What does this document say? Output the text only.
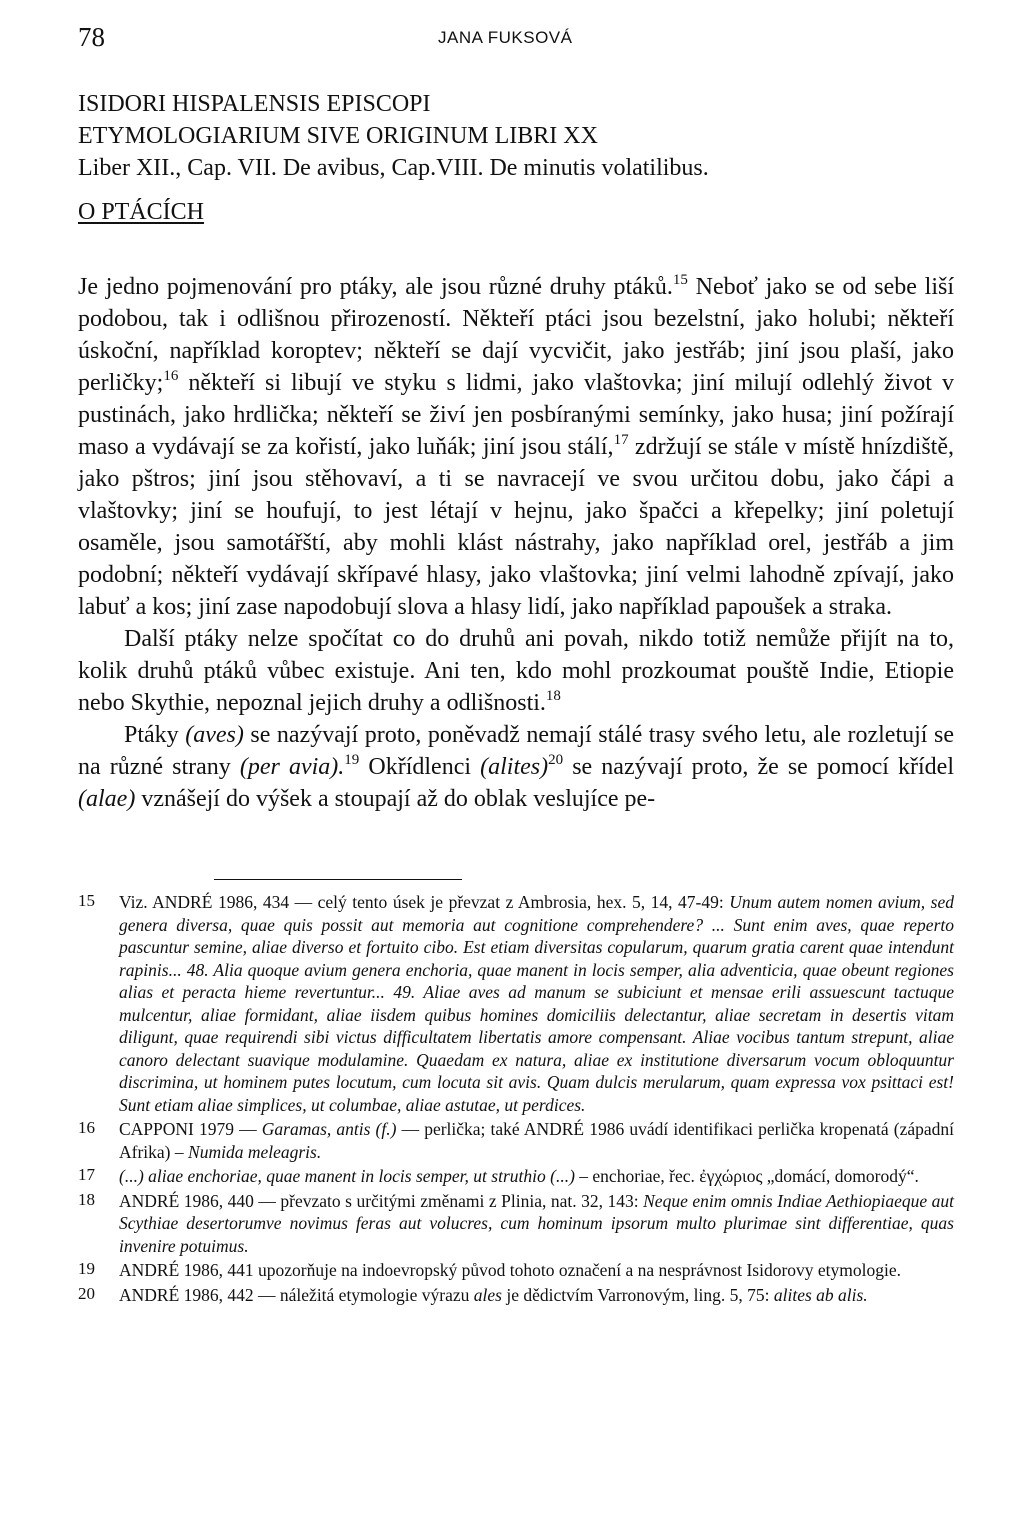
78	JANA FUKSOVÁ
ISIDORI HISPALENSIS EPISCOPI
ETYMOLOGIARIUM SIVE ORIGINUM LIBRI XX
Liber XII., Cap. VII. De avibus, Cap.VIII. De minutis volatilibus.
O PTÁCÍCH

Je jedno pojmenování pro ptáky, ale jsou různé druhy ptáků.$^{15}$ Neboť jako se od sebe liší podobou, tak i odlišnou přirozeností. Někteří ptáci jsou bezelstní, jako holubi; někteří úskoční, například koroptev; někteří se dají vycvičit, jako jestřáb; jiní jsou plaší, jako perličky;$^{16}$ někteří si libují ve styku s lidmi, jako vlaštovka; jiní milují odlehlý život v pustinách, jako hrdlička; někteří se živí jen posbíranými semínky, jako husa; jiní požírají maso a vydávají se za kořistí, jako luňák; jiní jsou stálí,$^{17}$ zdržují se stále v místě hnízdiště, jako pštros; jiní jsou stěhovaví, a ti se navracejí ve svou určitou dobu, jako čápi a vlaštovky; jiní se houfují, to jest létají v hejnu, jako špačci a křepelky; jiní poletují osaměle, jsou samotářští, aby mohli klást nástrahy, jako například orel, jestřáb a jim podobní; někteří vydávají skřípavé hlasy, jako vlaštovka; jiní velmi lahodně zpívají, jako labuť a kos; jiní zase napodobují slova a hlasy lidí, jako například papoušek a straka.

Další ptáky nelze spočítat co do druhů ani povah, nikdo totiž nemůže přijít na to, kolik druhů ptáků vůbec existuje. Ani ten, kdo mohl prozkoumat pouště Indie, Etiopie nebo Skythie, nepoznal jejich druhy a odlišnosti.$^{18}$

Ptáky (aves) se nazývají proto, poněvadž nemají stálé trasy svého letu, ale rozletují se na různé strany (per avia).$^{19}$ Okřídlenci (alites)$^{20}$ se nazývají proto, že se pomocí křídel (alae) vznášejí do výšek a stoupají až do oblak veslujíce pe-

15 Viz. ANDRÉ 1986, 434 — celý tento úsek je převzat z Ambrosia, hex. 5, 14, 47-49: Unum autem nomen avium, sed genera diversa, quae quis possit aut memoria aut cognitione comprehendere? ... Sunt enim aves, quae reperto pascuntur semine, aliae diverso et fortuito cibo. Est etiam diversitas copularum, quarum gratia carent quae intendunt rapinis... 48. Alia quoque avium genera enchoria, quae manent in locis semper, alia adventicia, quae obeunt regiones alias et peracta hieme revertuntur... 49. Aliae aves ad manum se subiciunt et mensae erili assuescunt tactuque mulcentur, aliae formidant, aliae iisdem quibus homines domiciliis delectantur, aliae secretam in desertis vitam diligunt, quae requirendi sibi victus difficultatem libertatis amore compensant. Aliae vocibus tantum strepunt, aliae canoro delectant suavique modulamine. Quaedam ex natura, aliae ex institutione diversarum vocum obloquuntur discrimina, ut hominem putes locutum, cum locuta sit avis. Quam dulcis merularum, quam expressa vox psittaci est! Sunt etiam aliae simplices, ut columbae, aliae astutae, ut perdices.
16 CAPPONI 1979 — Garamas, antis (f.) — perlička; také ANDRÉ 1986 uvádí identifikaci perlička kropenatá (západní Afrika) – Numida meleagris.
17 (...) aliae enchoriae, quae manent in locis semper, ut struthio (...) – enchoriae, řec. ἐγχώριος „domácí, domorodý“.
18 ANDRÉ 1986, 440 — převzato s určitými změnami z Plinia, nat. 32, 143: Neque enim omnis Indiae Aethiopiaeque aut Scythiae desertorumve novimus feras aut volucres, cum hominum ipsorum multo plurimae sint differentiae, quas invenire potuimus.
19 ANDRÉ 1986, 441 upozorňuje na indoevropský původ tohoto označení a na nesprávnost Isidorovy etymologie.
20 ANDRÉ 1986, 442 — náležitá etymologie výrazu ales je dědictvím Varronovým, ling. 5, 75: alites ab alis.
